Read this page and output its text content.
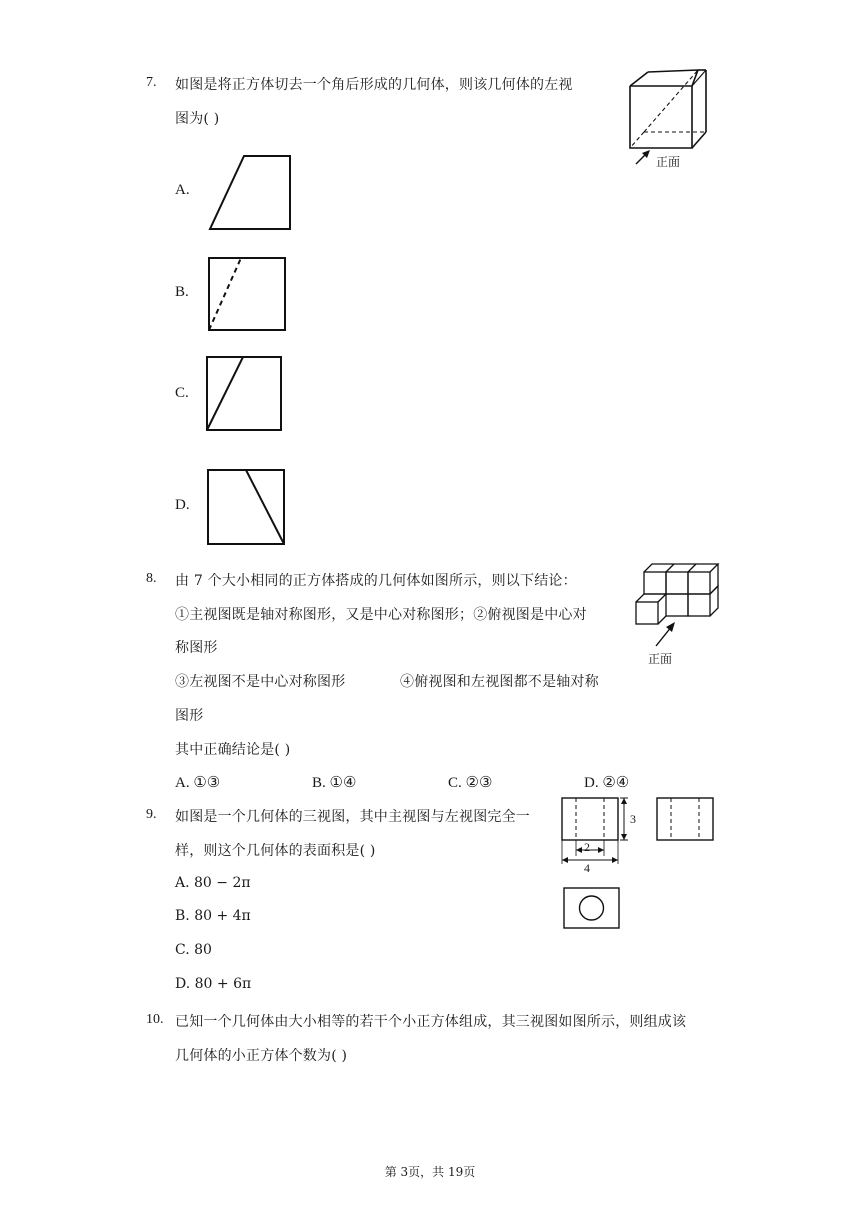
7. 如图是将正方体切去一个角后形成的几何体，则该几何体的左视
图为( )
正面
A.
B.
C.
D.
8. 由 7 个大小相同的正方体搭成的几何体如图所示，则以下结论：
①主视图既是轴对称图形，又是中心对称图形；②俯视图是中心对
称图形
③左视图不是中心对称图形	④俯视图和左视图都不是轴对称
图形
其中正确结论是( )
正面
A. ①③	B. ①④	C. ②③	D. ②④
9. 如图是一个几何体的三视图，其中主视图与左视图完全一
样，则这个几何体的表面积是( )
3
2
4
A. 80 − 2π
B. 80 + 4π
C. 80
D. 80 + 6π
10. 已知一个几何体由大小相等的若干个小正方体组成，其三视图如图所示，则组成该
几何体的小正方体个数为( )
第 3页，共 19页
